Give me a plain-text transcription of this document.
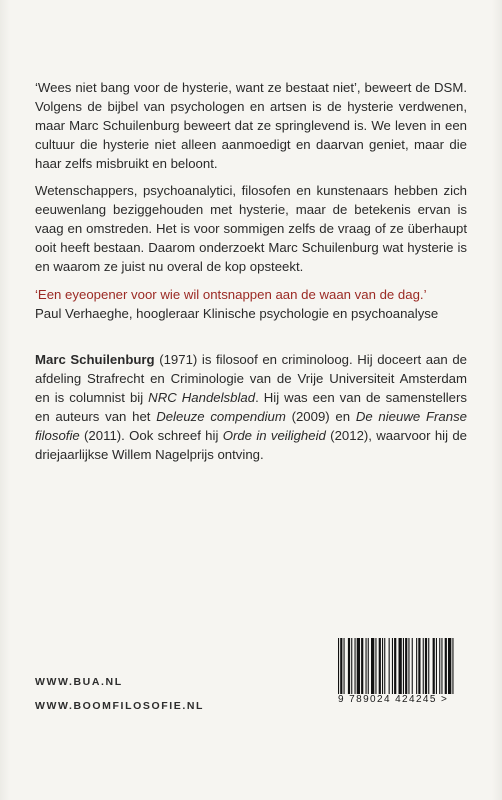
‘Wees niet bang voor de hysterie, want ze bestaat niet’, beweert de DSM. Volgens de bijbel van psychologen en artsen is de hysterie verdwenen, maar Marc Schuilenburg beweert dat ze springlevend is. We leven in een cultuur die hysterie niet alleen aanmoedigt en daarvan geniet, maar die haar zelfs misbruikt en beloont.

Wetenschappers, psychoanalytici, filosofen en kunstenaars hebben zich eeuwenlang beziggehouden met hysterie, maar de betekenis ervan is vaag en omstreden. Het is voor sommigen zelfs de vraag of ze überhaupt ooit heeft bestaan. Daarom onderzoekt Marc Schuilenburg wat hysterie is en waarom ze juist nu overal de kop opsteekt.

‘Een eyeopener voor wie wil ontsnappen aan de waan van de dag.’
Paul Verhaeghe, hoogleraar Klinische psychologie en psychoanalyse

Marc Schuilenburg (1971) is filosoof en criminoloog. Hij doceert aan de afdeling Strafrecht en Criminologie van de Vrije Universiteit Amsterdam en is columnist bij NRC Handelsblad. Hij was een van de samenstellers en auteurs van het Deleuze compendium (2009) en De nieuwe Franse filosofie (2011). Ook schreef hij Orde in veiligheid (2012), waarvoor hij de driejaarlijkse Willem Nagelprijs ontving.

WWW.BUA.NL
WWW.BOOMFILOSOFIE.NL
9 789024 424245 >
